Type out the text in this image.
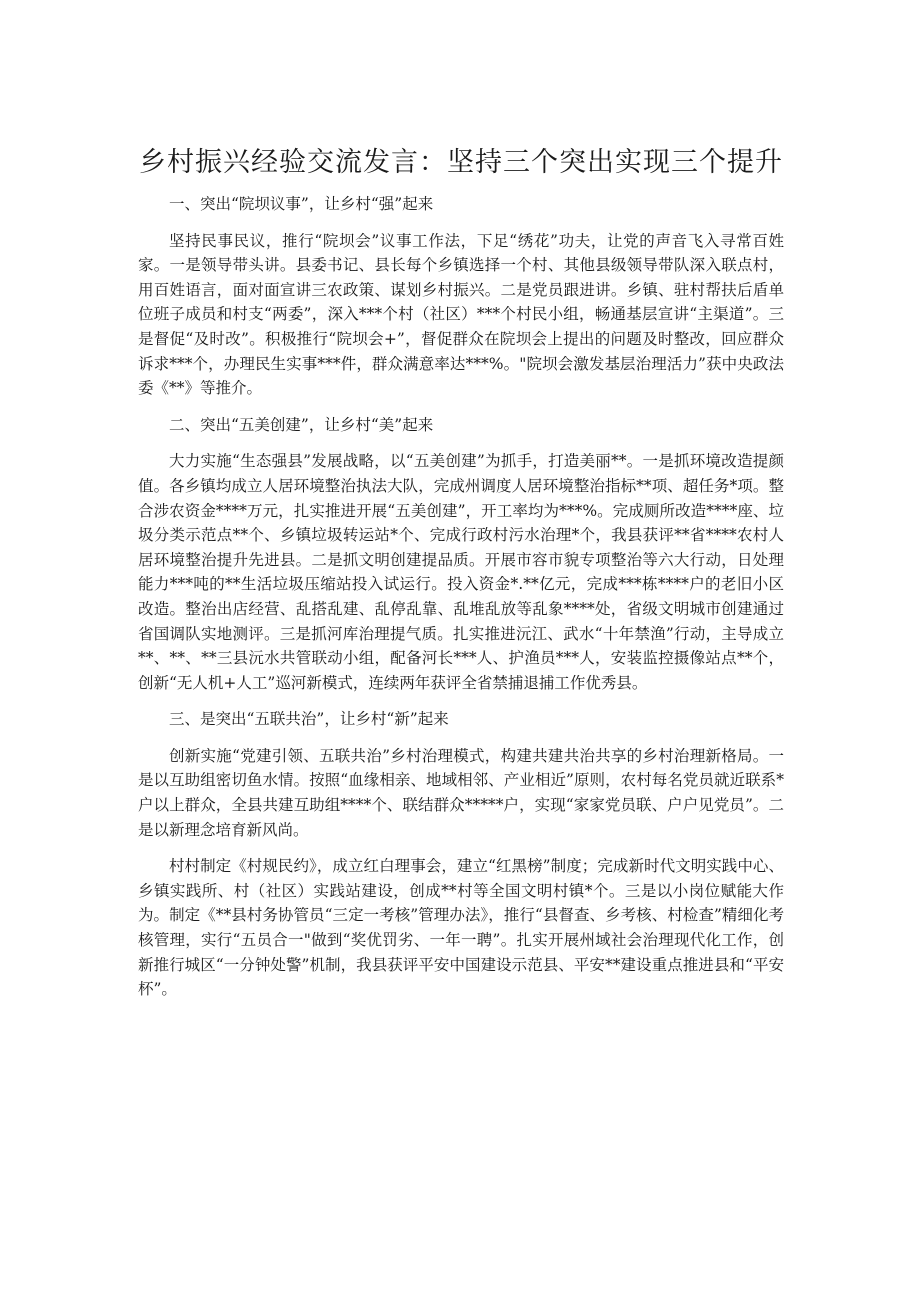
乡村振兴经验交流发言：坚持三个突出实现三个提升

一、突出“院坝议事”，让乡村“强”起来

坚持民事民议，推行“院坝会”议事工作法，下足“绣花”功夫，让党的声音飞入寻常百姓家。一是领导带头讲。县委书记、县长每个乡镇选择一个村、其他县级领导带队深入联点村，用百姓语言，面对面宣讲三农政策、谋划乡村振兴。二是党员跟进讲。乡镇、驻村帮扶后盾单位班子成员和村支“两委”，深入***个村（社区）***个村民小组，畅通基层宣讲“主渠道”。三是督促“及时改”。积极推行“院坝会+”，督促群众在院坝会上提出的问题及时整改，回应群众诉求***个，办理民生实事***件，群众满意率达***%。"院坝会激发基层治理活力”获中央政法委《**》等推介。

二、突出“五美创建”，让乡村“美”起来

大力实施“生态强县”发展战略，以“五美创建”为抓手，打造美丽**。一是抓环境改造提颜值。各乡镇均成立人居环境整治执法大队，完成州调度人居环境整治指标**项、超任务*项。整合涉农资金****万元，扎实推进开展“五美创建”，开工率均为***%。完成厕所改造****座、垃圾分类示范点**个、乡镇垃圾转运站*个、完成行政村污水治理*个，我县获评**省****农村人居环境整治提升先进县。二是抓文明创建提品质。开展市容市貌专项整治等六大行动，日处理能力***吨的**生活垃圾压缩站投入试运行。投入资金*.**亿元，完成***栋****户的老旧小区改造。整治出店经营、乱搭乱建、乱停乱靠、乱堆乱放等乱象****处，省级文明城市创建通过省国调队实地测评。三是抓河库治理提气质。扎实推进沅江、武水“十年禁渔”行动，主导成立**、**、**三县沅水共管联动小组，配备河长***人、护渔员***人，安装监控摄像站点**个，创新“无人机+人工”巡河新模式，连续两年获评全省禁捕退捕工作优秀县。

三、是突出“五联共治”，让乡村“新”起来

创新实施“党建引领、五联共治”乡村治理模式，构建共建共治共享的乡村治理新格局。一是以互助组密切鱼水情。按照“血缘相亲、地域相邻、产业相近”原则，农村每名党员就近联系*户以上群众，全县共建互助组****个、联结群众*****户，实现“家家党员联、户户见党员”。二是以新理念培育新风尚。

村村制定《村规民约》，成立红白理事会，建立“红黑榜”制度；完成新时代文明实践中心、乡镇实践所、村（社区）实践站建设，创成**村等全国文明村镇*个。三是以小岗位赋能大作为。制定《**县村务协管员“三定一考核”管理办法》，推行“县督查、乡考核、村检查”精细化考核管理，实行“五员合一"做到“奖优罚劣、一年一聘”。扎实开展州域社会治理现代化工作，创新推行城区“一分钟处警”机制，我县获评平安中国建设示范县、平安**建设重点推进县和“平安杯”。
